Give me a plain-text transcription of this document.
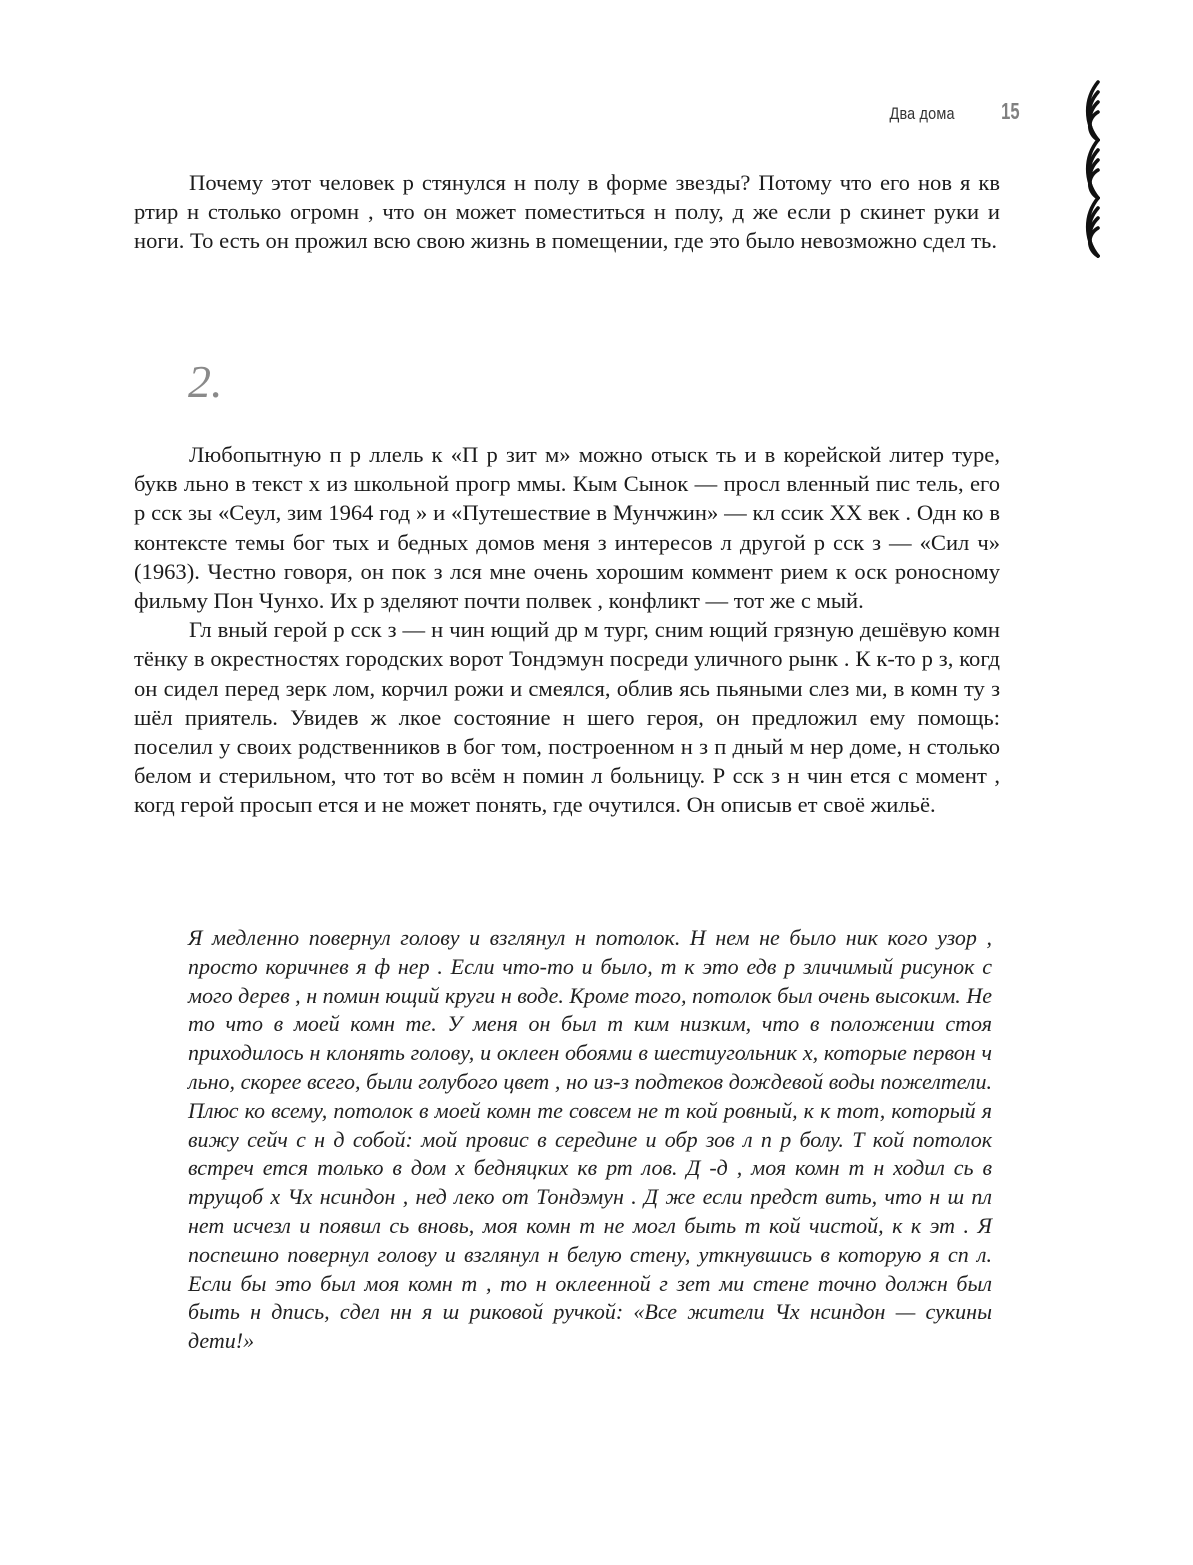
Два дома 15

Почему этот человек р стянулся н полу в форме звезды? Потому что его нов я кв ртир н столько огромн , что он может поместиться н полу, д же если р скинет руки и ноги. То есть он прожил всю свою жизнь в помещении, где это было невозможно сдел ть.

2.

Любопытную п р ллель к «П р зит м» можно отыск ть и в корейской литер туре, букв льно в текст х из школьной прогр ммы. Кым Сынок — просл вленный пис тель, его р сск зы «Сеул, зим 1964 год » и «Путешествие в Мунчжин» — кл ссик XX век . Одн ко в контексте темы бог тых и бедных домов меня з интересов л другой р сск з — «Сил ч» (1963). Честно говоря, он пок з лся мне очень хорошим коммент рием к оск роносному фильму Пон Чунхо. Их р зделяют почти полвек , конфликт — тот же с мый.

Гл вный герой р сск з — н чин ющий др м тург, сним ющий грязную дешёвую комн тёнку в окрестностях городских ворот Тондэмун посреди уличного рынк . К к-то р з, когд он сидел перед зерк лом, корчил рожи и смеялся, облив ясь пьяными слез ми, в комн ту з шёл приятель. Увидев ж лкое состояние н шего героя, он предложил ему помощь: поселил у своих родственников в бог том, построенном н з п дный м нер доме, н столько белом и стерильном, что тот во всём н помин л больницу. Р сск з н чин ется с момент , когд герой просып ется и не может понять, где очутился. Он описыв ет своё жильё.

Я медленно повернул голову и взглянул н потолок. Н нем не было ник кого узор , просто коричнев я ф нер . Если что-то и было, т к это едв р зличимый рисунок с мого дерев , н помин ющий круги н воде. Кроме того, потолок был очень высоким. Не то что в моей комн те. У меня он был т ким низким, что в положении стоя приходилось н клонять голову, и оклеен обоями в шестиугольник х, которые первон ч льно, скорее всего, были голубого цвет , но из-з подтеков дождевой воды пожелтели. Плюс ко всему, потолок в моей комн те совсем не т кой ровный, к к тот, который я вижу сейч с н д собой: мой провис в середине и обр зов л п р болу. Т кой потолок встреч ется только в дом х бедняцких кв рт лов. Д -д , моя комн т н ходил сь в трущоб х Чх нсиндон , нед леко от Тондэмун . Д же если предст вить, что н ш пл нет исчезл и появил сь вновь, моя комн т не могл быть т кой чистой, к к эт . Я поспешно повернул голову и взглянул н белую стену, уткнувшись в которую я сп л. Если бы это был моя комн т , то н оклеенной г зет ми стене точно должн был быть н дпись, сдел нн я ш риковой ручкой: «Все жители Чх нсиндон — сукины дети!»
